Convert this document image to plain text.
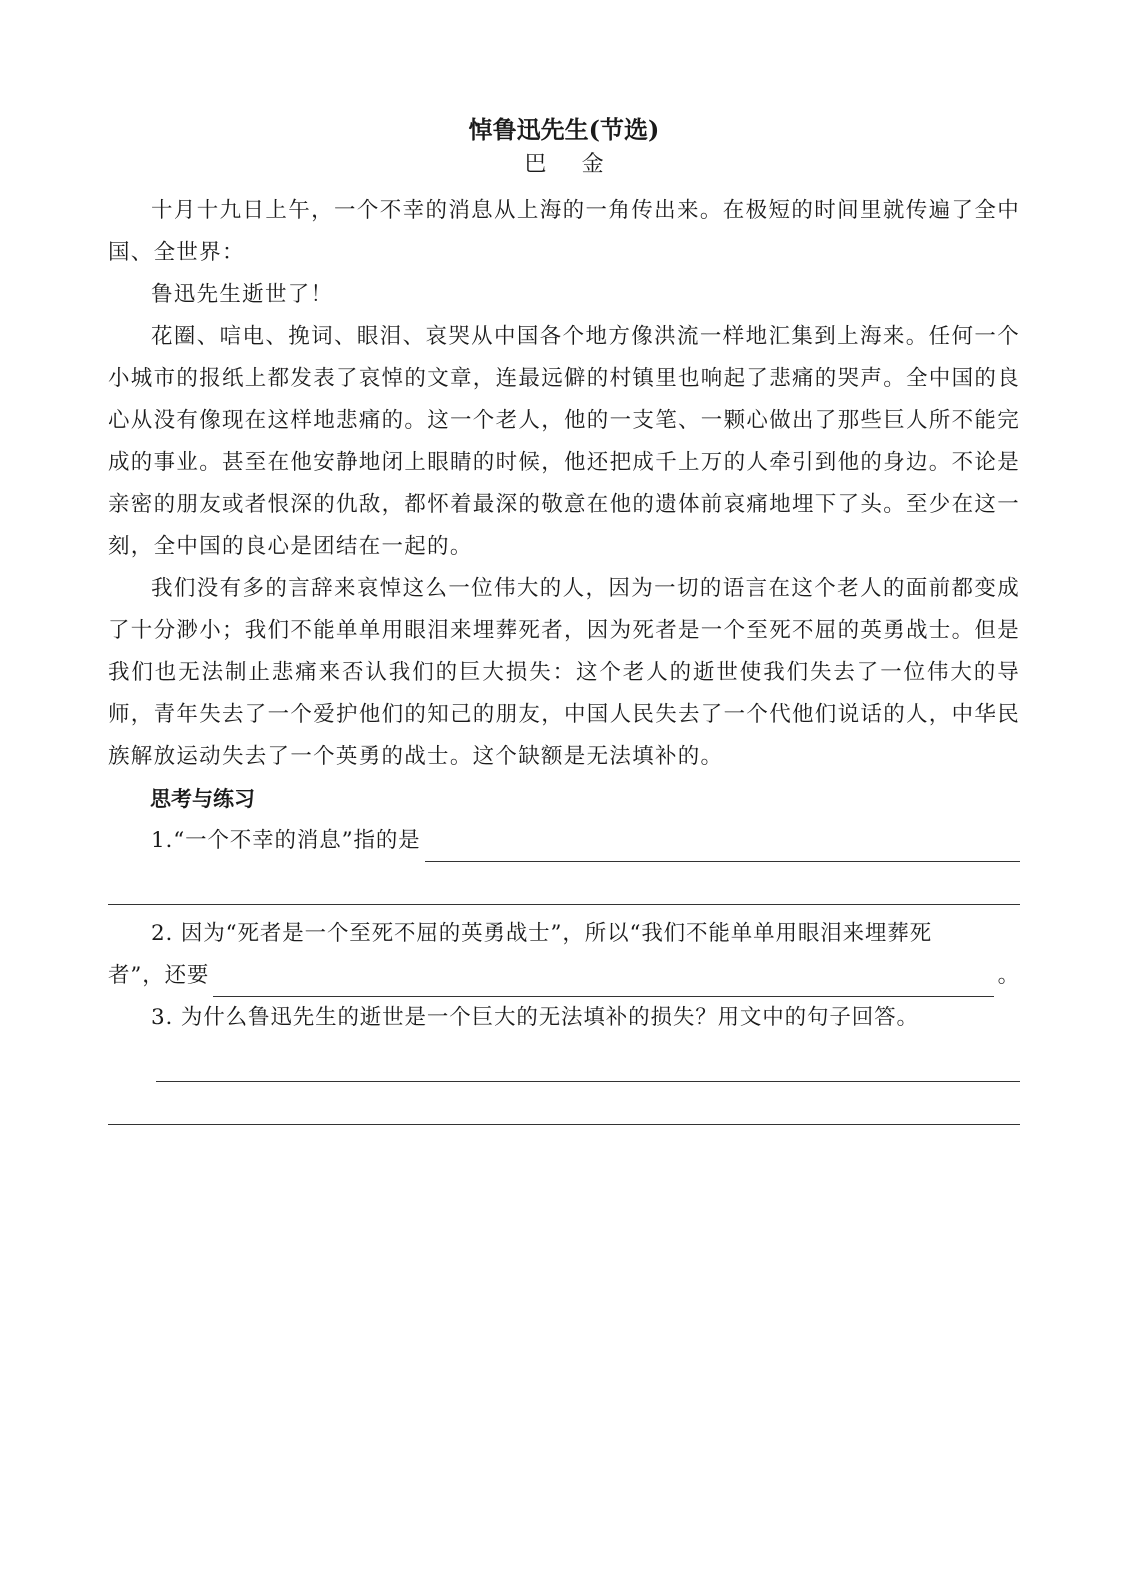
悼鲁迅先生(节选)
巴金

十月十九日上午，一个不幸的消息从上海的一角传出来。在极短的时间里就传遍了全中国、全世界：

鲁迅先生逝世了！

花圈、唁电、挽词、眼泪、哀哭从中国各个地方像洪流一样地汇集到上海来。任何一个小城市的报纸上都发表了哀悼的文章，连最远僻的村镇里也响起了悲痛的哭声。全中国的良心从没有像现在这样地悲痛的。这一个老人，他的一支笔、一颗心做出了那些巨人所不能完成的事业。甚至在他安静地闭上眼睛的时候，他还把成千上万的人牵引到他的身边。不论是亲密的朋友或者恨深的仇敌，都怀着最深的敬意在他的遗体前哀痛地埋下了头。至少在这一刻，全中国的良心是团结在一起的。

我们没有多的言辞来哀悼这么一位伟大的人，因为一切的语言在这个老人的面前都变成了十分渺小；我们不能单单用眼泪来埋葬死者，因为死者是一个至死不屈的英勇战士。但是我们也无法制止悲痛来否认我们的巨大损失：这个老人的逝世使我们失去了一位伟大的导师，青年失去了一个爱护他们的知己的朋友，中国人民失去了一个代他们说话的人，中华民族解放运动失去了一个英勇的战士。这个缺额是无法填补的。

思考与练习
1.“一个不幸的消息”指的是

2. 因为“死者是一个至死不屈的英勇战士”，所以“我们不能单单用眼泪来埋葬死

者”，还要	。
3. 为什么鲁迅先生的逝世是一个巨大的无法填补的损失？用文中的句子回答。
